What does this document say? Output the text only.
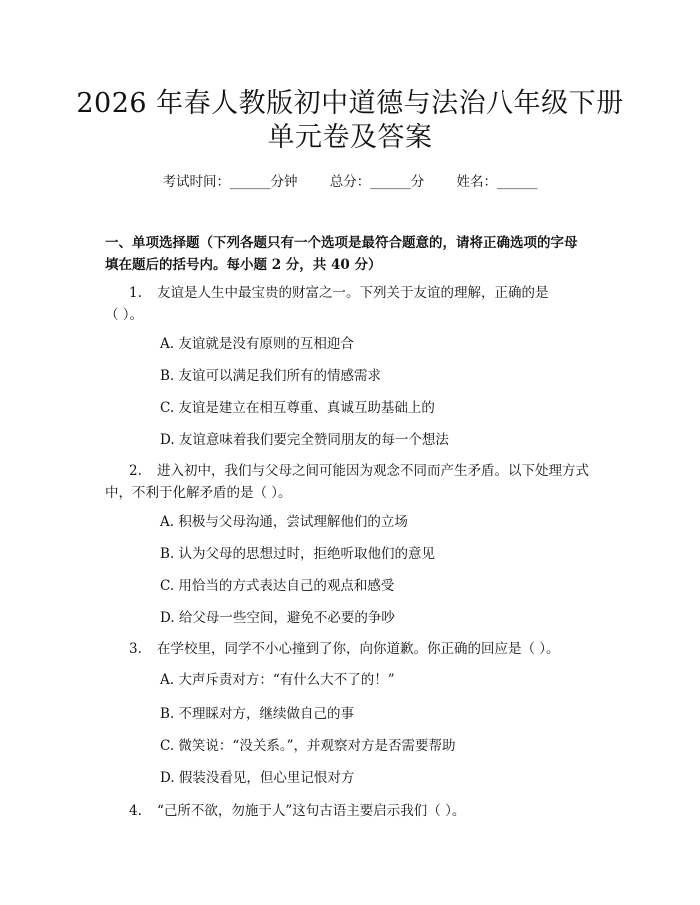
2026 年春人教版初中道德与法治八年级下册
单元卷及答案
考试时间：______分钟 总分：______分 姓名：______
一、单项选择题（下列各题只有一个选项是最符合题意的，请将正确选项的字母
填在题后的括号内。每小题 2 分，共 40 分）
1. 友谊是人生中最宝贵的财富之一。下列关于友谊的理解，正确的是
（ ）。
A. 友谊就是没有原则的互相迎合
B. 友谊可以满足我们所有的情感需求
C. 友谊是建立在相互尊重、真诚互助基础上的
D. 友谊意味着我们要完全赞同朋友的每一个想法
2. 进入初中，我们与父母之间可能因为观念不同而产生矛盾。以下处理方式
中，不利于化解矛盾的是（ ）。
A. 积极与父母沟通，尝试理解他们的立场
B. 认为父母的思想过时，拒绝听取他们的意见
C. 用恰当的方式表达自己的观点和感受
D. 给父母一些空间，避免不必要的争吵
3. 在学校里，同学不小心撞到了你，向你道歉。你正确的回应是（ ）。
A. 大声斥责对方：“有什么大不了的！”
B. 不理睬对方，继续做自己的事
C. 微笑说：“没关系。”，并观察对方是否需要帮助
D. 假装没看见，但心里记恨对方
4. “己所不欲，勿施于人”这句古语主要启示我们（ ）。
